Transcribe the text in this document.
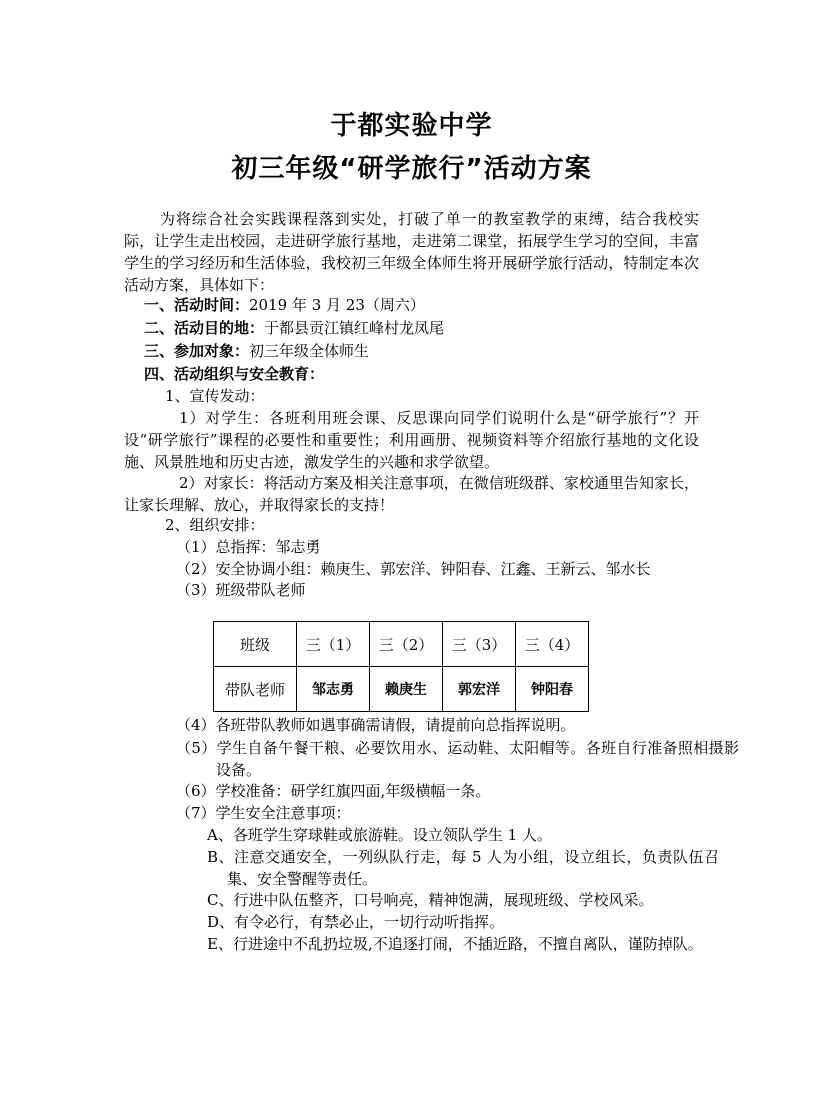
于都实验中学
初三年级“研学旅行”活动方案

为将综合社会实践课程落到实处，打破了单一的教室教学的束缚，结合我校实际，让学生走出校园，走进研学旅行基地，走进第二课堂，拓展学生学习的空间，丰富学生的学习经历和生活体验，我校初三年级全体师生将开展研学旅行活动，特制定本次活动方案，具体如下：

一、活动时间：2019 年 3 月 23（周六）
二、活动目的地：于都县贡江镇红峰村龙凤尾
三、参加对象：初三年级全体师生
四、活动组织与安全教育：
1、宣传发动：

1）对学生：各班利用班会课、反思课向同学们说明什么是“研学旅行”？开设“研学旅行”课程的必要性和重要性；利用画册、视频资料等介绍旅行基地的文化设施、风景胜地和历史古迹，激发学生的兴趣和求学欲望。

2）对家长：将活动方案及相关注意事项，在微信班级群、家校通里告知家长，让家长理解、放心，并取得家长的支持！

2、组织安排：
（1）总指挥：邹志勇
（2）安全协调小组：赖庚生、郭宏洋、钟阳春、江鑫、王新云、邹水长
（3）班级带队老师
班级	三（1）	三（2）	三（3）	三（4）
带队老师	邹志勇	赖庚生	郭宏洋	钟阳春
（4）各班带队教师如遇事确需请假，请提前向总指挥说明。

（5）学生自备午餐干粮、必要饮用水、运动鞋、太阳帽等。各班自行准备照相摄影设备。

（6）学校准备：研学红旗四面,年级横幅一条。
（7）学生安全注意事项：
A、各班学生穿球鞋或旅游鞋。设立领队学生 1 人。

B、注意交通安全，一列纵队行走，每 5 人为小组，设立组长，负责队伍召集、安全警醒等责任。

C、行进中队伍整齐，口号响亮，精神饱满，展现班级、学校风采。
D、有令必行，有禁必止，一切行动听指挥。

E、行进途中不乱扔垃圾,不追逐打闹，不插近路，不擅自离队，谨防掉队。
